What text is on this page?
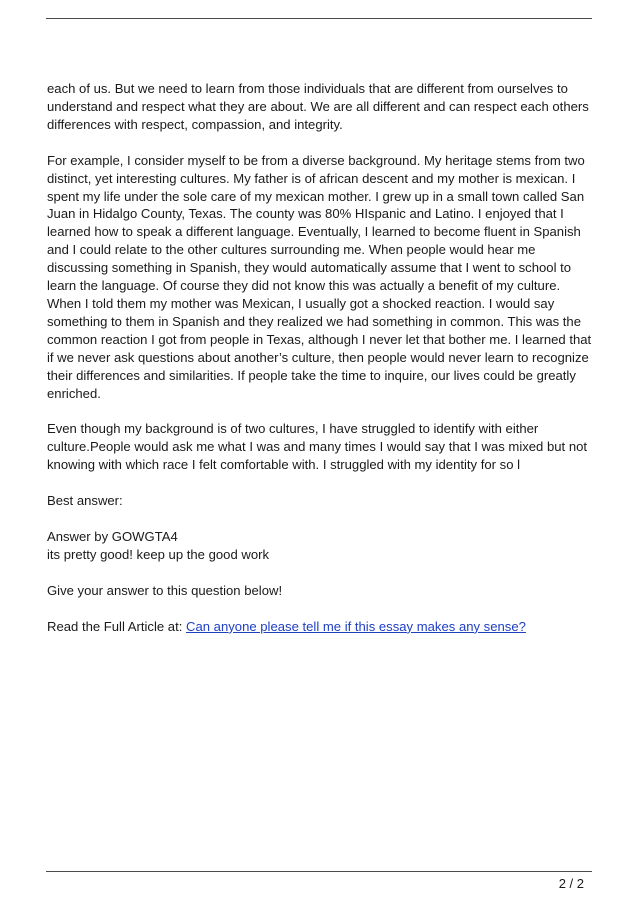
each of us. But we need to learn from those individuals that are different from ourselves to understand and respect what they are about. We are all different and can respect each others differences with respect, compassion, and integrity.

For example, I consider myself to be from a diverse background. My heritage stems from two distinct, yet interesting cultures. My father is of african descent and my mother is mexican. I spent my life under the sole care of my mexican mother. I grew up in a small town called San Juan in Hidalgo County, Texas. The county was 80% HIspanic and Latino. I enjoyed that I learned how to speak a different language. Eventually, I learned to become fluent in Spanish and I could relate to the other cultures surrounding me. When people would hear me discussing something in Spanish, they would automatically assume that I went to school to learn the language. Of course they did not know this was actually a benefit of my culture. When I told them my mother was Mexican, I usually got a shocked reaction. I would say something to them in Spanish and they realized we had something in common. This was the common reaction I got from people in Texas, although I never let that bother me. I learned that if we never ask questions about another’s culture, then people would never learn to recognize their differences and similarities. If people take the time to inquire, our lives could be greatly enriched.

Even though my background is of two cultures, I have struggled to identify with either culture.People would ask me what I was and many times I would say that I was mixed but not knowing with which race I felt comfortable with. I struggled with my identity for so l

Best answer:

Answer by GOWGTA4
its pretty good! keep up the good work

Give your answer to this question below!

Read the Full Article at: Can anyone please tell me if this essay makes any sense?

2 / 2
